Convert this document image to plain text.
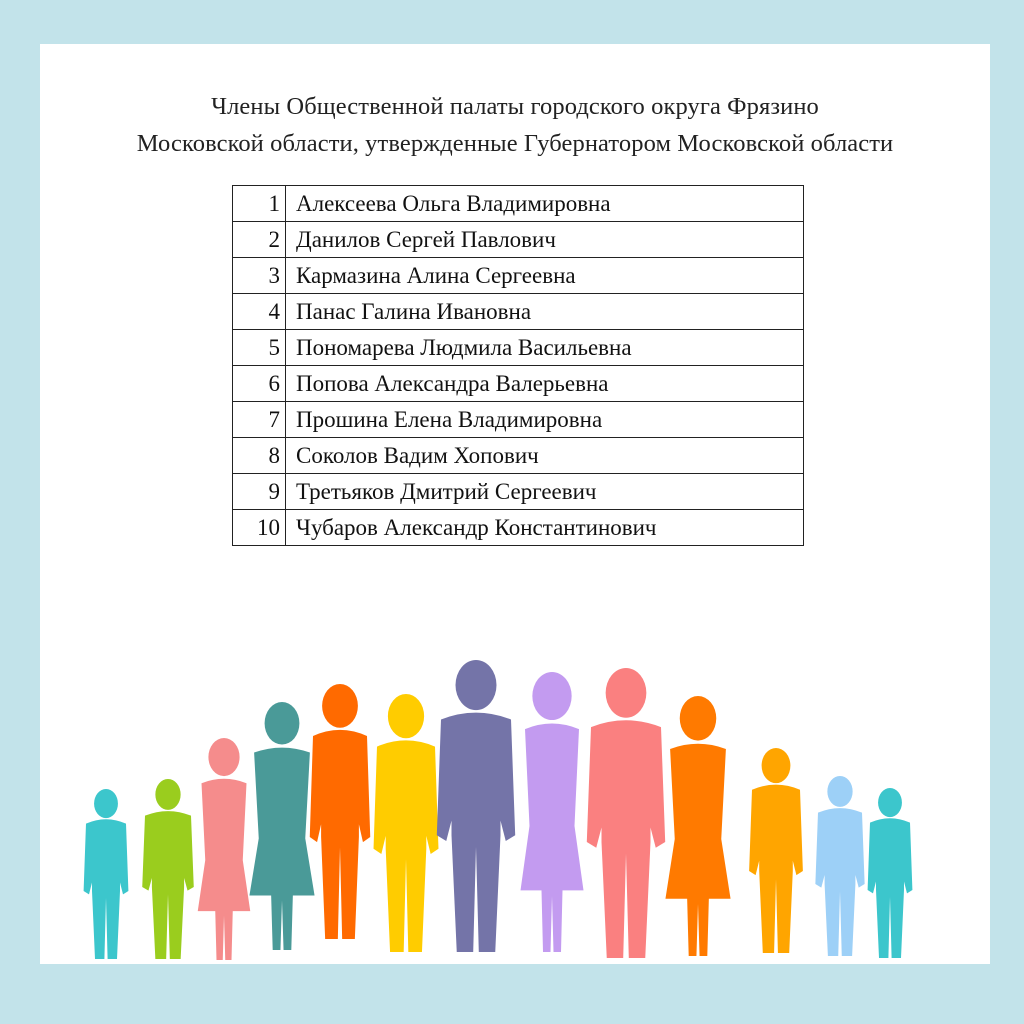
Члены Общественной палаты городского округа Фрязино
Московской области, утвержденные Губернатором Московской области
1	Алексеева Ольга Владимировна
2	Данилов Сергей Павлович
3	Кармазина Алина Сергеевна
4	Панас Галина Ивановна
5	Пономарева Людмила Васильевна
6	Попова Александра Валерьевна
7	Прошина Елена Владимировна
8	Соколов Вадим Хопович
9	Третьяков Дмитрий Сергеевич
10	Чубаров Александр Константинович
